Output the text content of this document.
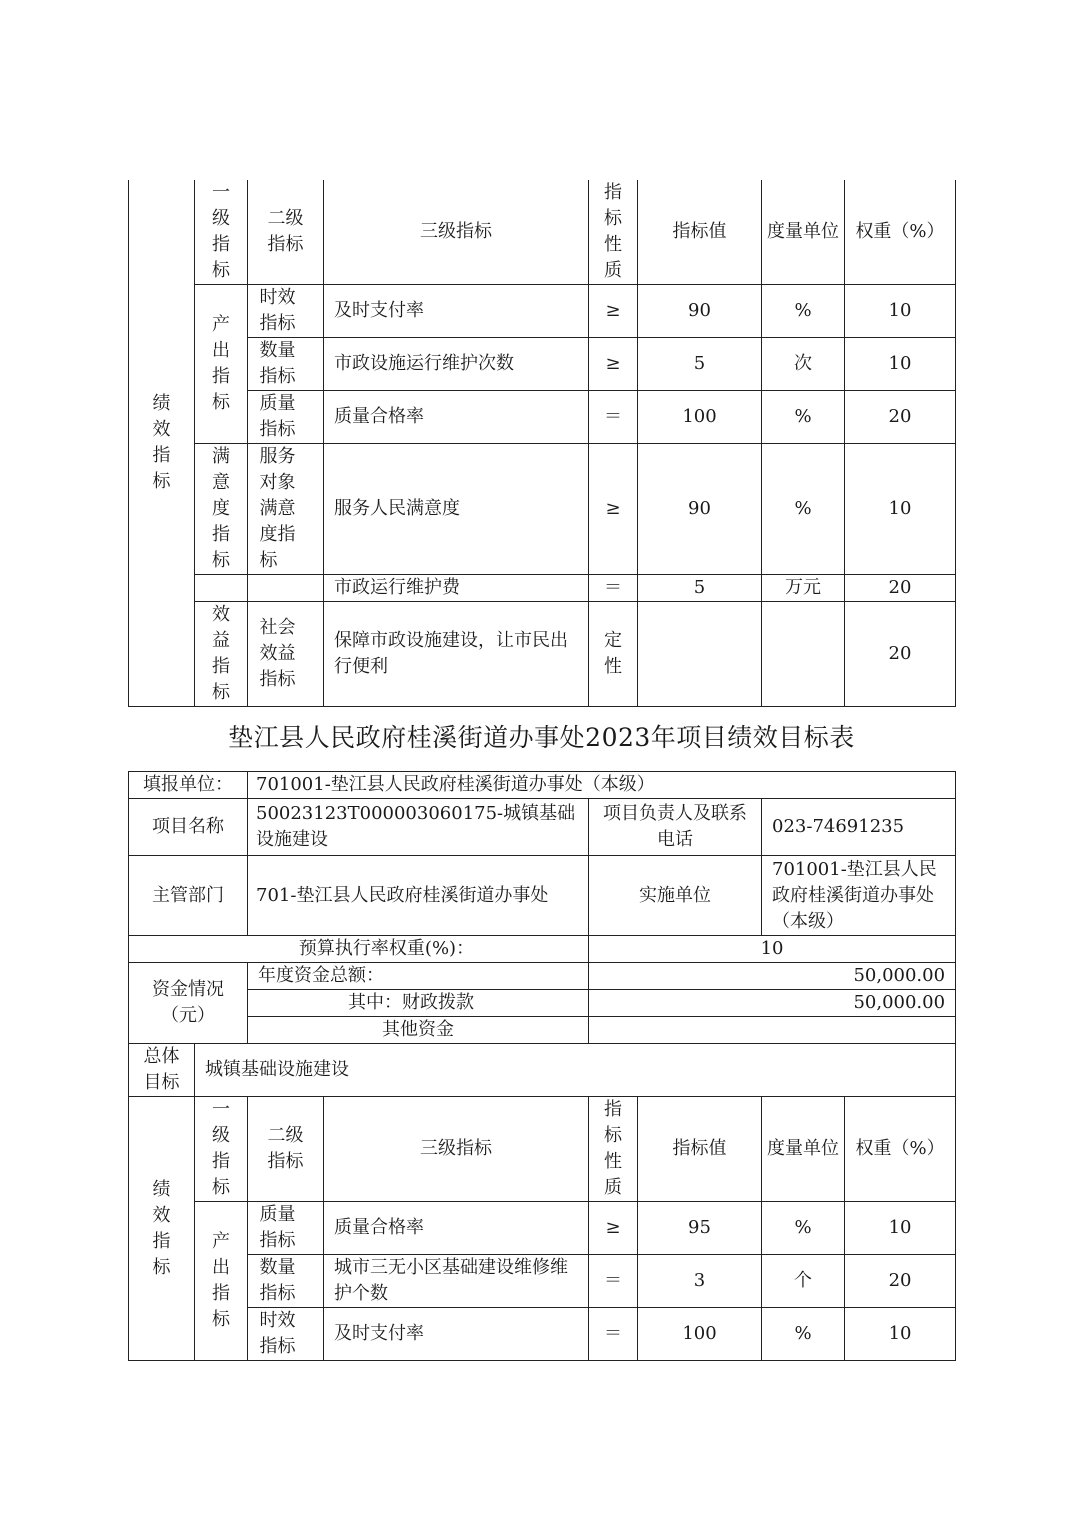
绩效指标	一级指标	二级指标	三级指标	指标性质	指标值	度量单位	权重（%）

	产出指标	时效指标	及时支付率	≥	90	%	10

		数量指标	市政设施运行维护次数	≥	5	次	10

		质量指标	质量合格率	＝	100	%	20

	满意度指标	服务对象满意度指标	服务人民满意度	≥	90	%	10
			市政运行维护费	＝	5	万元	20

	效益指标	社会效益指标	保障市政设施建设，让市民出行便利	定性			20
垫江县人民政府桂溪街道办事处2023年项目绩效目标表
填报单位：		701001-垫江县人民政府桂溪街道办事处（本级）					
项目名称		50023123T000003060175-城镇基础设施建设		项目负责人及联系电话		023-74691235	
主管部门		701-垫江县人民政府桂溪街道办事处		实施单位		701001-垫江县人民政府桂溪街道办事处（本级）	
预算执行率权重(%)：				10			

资金情况（元）		年度资金总额：		50,000.00			
		其中：财政拨款		50,000.00			
		其他资金					

总体目标	城镇基础设施建设						

绩效指标	一级指标	二级指标	三级指标	指标性质	指标值	度量单位	权重（%）

	产出指标	质量指标	质量合格率	≥	95	%	10

		数量指标	城市三无小区基础建设维修维护个数	＝	3	个	20

		时效指标	及时支付率	＝	100	%	10
